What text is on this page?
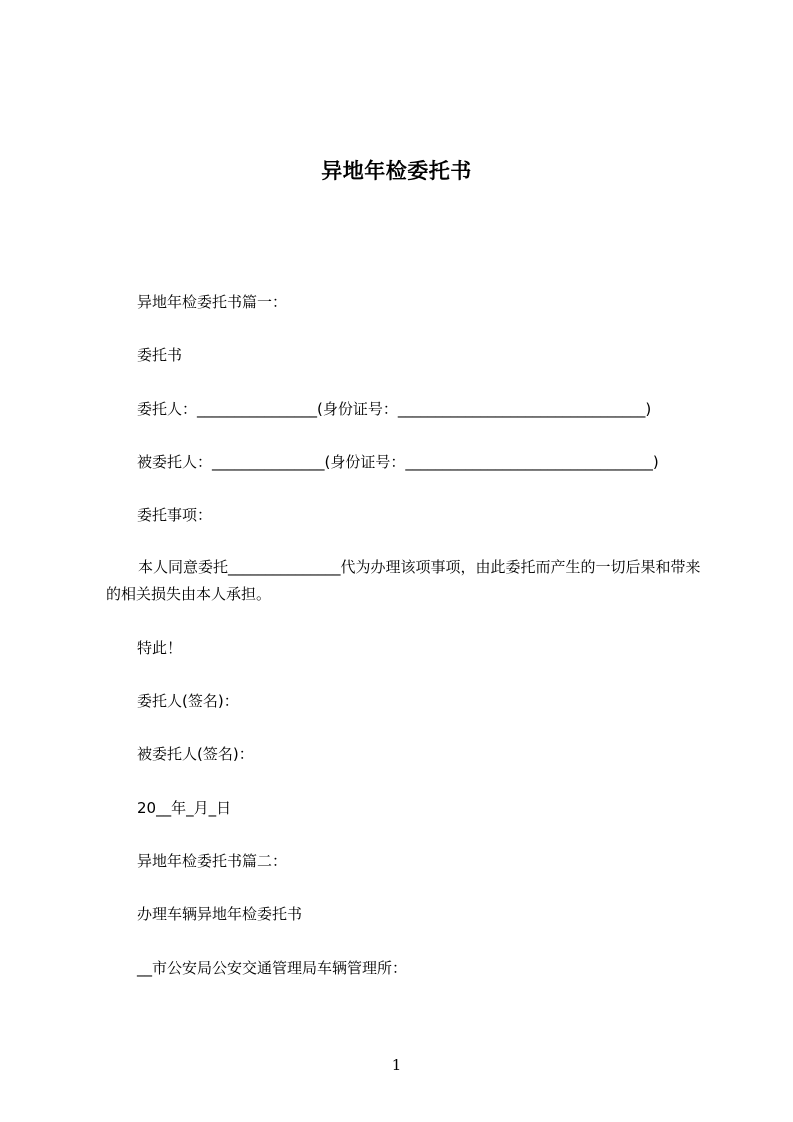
异地年检委托书
异地年检委托书篇一：
委托书
委托人：________________(身份证号：_________________________________)
被委托人：_______________(身份证号：_________________________________)
委托事项：
本人同意委托_______________代为办理该项事项，由此委托而产生的一切后果和带来的相关损失由本人承担。
特此！
委托人(签名)：
被委托人(签名)：
20__年_月_日
异地年检委托书篇二：
办理车辆异地年检委托书
__市公安局公安交通管理局车辆管理所：
1
